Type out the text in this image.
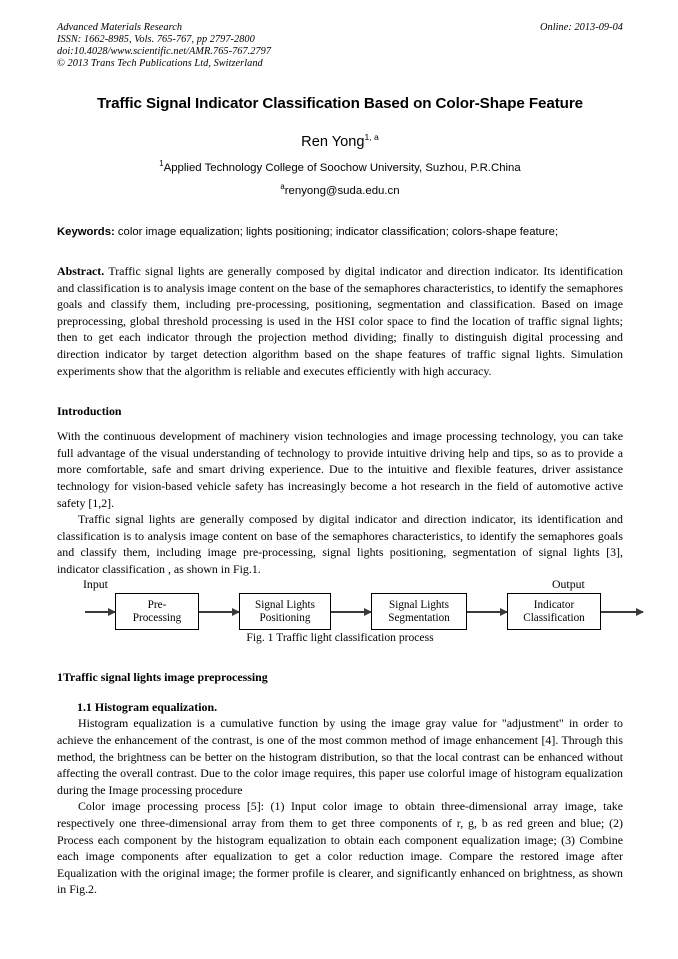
Advanced Materials Research
ISSN: 1662-8985, Vols. 765-767, pp 2797-2800
doi:10.4028/www.scientific.net/AMR.765-767.2797
© 2013 Trans Tech Publications Ltd, Switzerland
Online: 2013-09-04
Traffic Signal Indicator Classification Based on Color-Shape Feature
Ren Yong$^{1, a}$
$^1$Applied Technology College of Soochow University, Suzhou, P.R.China
$^a$renyong@suda.edu.cn
Keywords: color image equalization; lights positioning; indicator classification; colors-shape feature;
Abstract. Traffic signal lights are generally composed by digital indicator and direction indicator. Its identification and classification is to analysis image content on the base of the semaphores characteristics, to identify the semaphores goals and classify them, including pre-processing, positioning, segmentation and classification. Based on image preprocessing, global threshold processing is used in the HSI color space to find the location of traffic signal lights; then to get each indicator through the projection method dividing; finally to distinguish digital processing and direction indicator by target detection algorithm based on the shape features of traffic signal lights. Simulation experiments show that the algorithm is reliable and executes efficiently with high accuracy.
Introduction

With the continuous development of machinery vision technologies and image processing technology, you can take full advantage of the visual understanding of technology to provide intuitive driving help and tips, so as to provide a more comfortable, safe and smart driving experience. Due to the intuitive and flexible features, driver assistance technology for vision-based vehicle safety has increasingly become a hot research in the field of automotive active safety [1,2].

Traffic signal lights are generally composed by digital indicator and direction indicator, its identification and classification is to analysis image content on base of the semaphores characteristics, to identify the semaphores goals and classify them, including image pre-processing, signal lights positioning, segmentation of signal lights [3], indicator classification , as shown in Fig.1.

Input	Output
Pre-
Processing
Signal Lights
Positioning
Signal Lights
Segmentation
Indicator
Classification
Fig. 1 Traffic light classification process
1Traffic signal lights image preprocessing
1.1 Histogram equalization.

Histogram equalization is a cumulative function by using the image gray value for "adjustment" in order to achieve the enhancement of the contrast, is one of the most common method of image enhancement [4]. Through this method, the brightness can be better on the histogram distribution, so that the local contrast can be enhanced without affecting the overall contrast. Due to the color image requires, this paper use colorful image of histogram equalization during the Image processing procedure

Color image processing process [5]: (1) Input color image to obtain three-dimensional array image, take respectively one three-dimensional array from them to get three components of r, g, b as red green and blue; (2) Process each component by the histogram equalization to obtain each component equalization image; (3) Combine each image components after equalization to get a color reduction image. Compare the restored image after Equalization with the original image; the former profile is clearer, and significantly enhanced on brightness, as shown in Fig.2.
